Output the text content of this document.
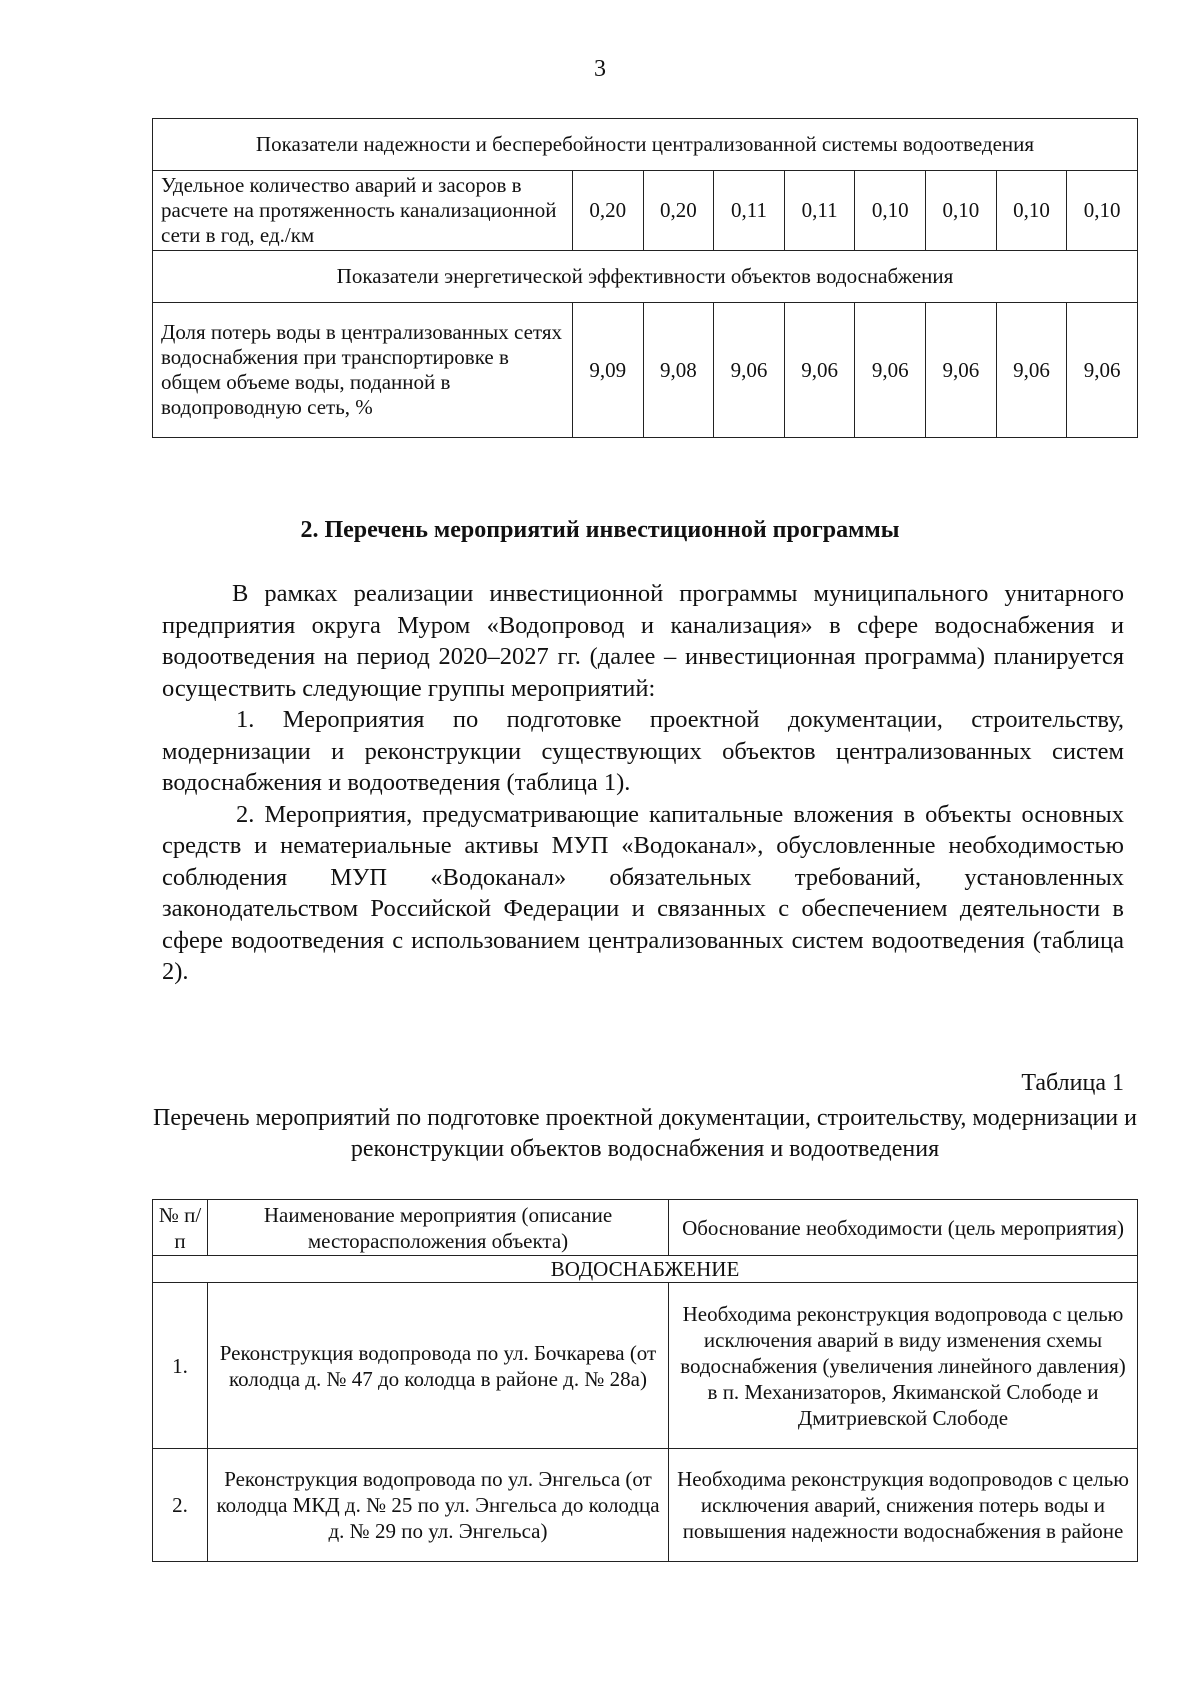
3
Показатели надежности и бесперебойности централизованной системы водоотведения								
Удельное количество аварий и засоров в расчете на протяженность канализационной сети в год, ед./км	0,20	0,20	0,11	0,11	0,10	0,10	0,10	0,10
Показатели энергетической эффективности объектов водоснабжения								
Доля потерь воды в централизованных сетях водоснабжения при транспортировке в общем объеме воды, поданной в водопроводную сеть, %	9,09	9,08	9,06	9,06	9,06	9,06	9,06	9,06
2. Перечень мероприятий инвестиционной программы

В рамках реализации инвестиционной программы муниципального унитарного предприятия округа Муром «Водопровод и канализация» в сфере водоснабжения и водоотведения на период 2020–2027 гг. (далее – инвестиционная программа) планируется осуществить следующие группы мероприятий:

1. Мероприятия по подготовке проектной документации, строительству, модернизации и реконструкции существующих объектов централизованных систем водоснабжения и водоотведения (таблица 1).

2. Мероприятия, предусматривающие капитальные вложения в объекты основных средств и нематериальные активы МУП «Водоканал», обусловленные необходимостью соблюдения МУП «Водоканал» обязательных требований, установленных законодательством Российской Федерации и связанных с обеспечением деятельности в сфере водоотведения с использованием централизованных систем водоотведения (таблица 2).

Таблица 1
Перечень мероприятий по подготовке проектной документации, строительству, модернизации и реконструкции объектов водоснабжения и водоотведения
№ п/п	Наименование мероприятия (описание месторасположения объекта)	Обоснование необходимости (цель мероприятия)
ВОДОСНАБЖЕНИЕ		
1.	Реконструкция водопровода по ул. Бочкарева (от колодца д. № 47 до колодца в районе д. № 28а)	Необходима реконструкция водопровода с целью исключения аварий в виду изменения схемы водоснабжения (увеличения линейного давления) в п. Механизаторов, Якиманской Слободе и Дмитриевской Слободе
2.	Реконструкция водопровода по ул. Энгельса (от колодца МКД д. № 25 по ул. Энгельса до колодца д. № 29 по ул. Энгельса)	Необходима реконструкция водопроводов с целью исключения аварий, снижения потерь воды и повышения надежности водоснабжения в районе
